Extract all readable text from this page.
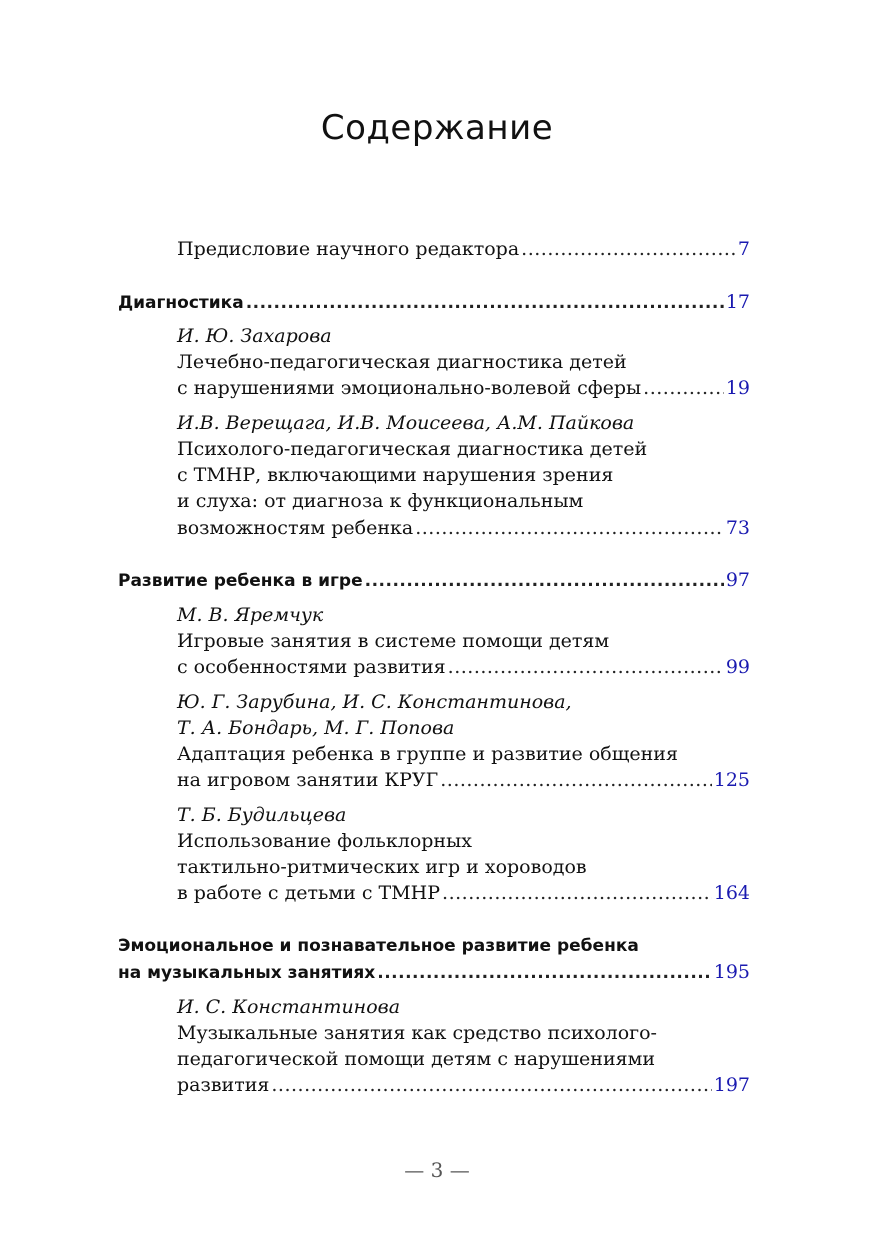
Содержание
Предисловие научного редактора .....	7
Диагностика .....	17
И. Ю. Захарова
Лечебно-педагогическая диагностика детей
с нарушениями эмоционально-волевой сферы .....	19
И.В. Верещага, И.В. Моисеева, А.М. Пайкова
Психолого-педагогическая диагностика детей
с ТМНР, включающими нарушения зрения
и слуха: от диагноза к функциональным
возможностям ребенка .....	73
Развитие ребенка в игре .....	97
М. В. Яремчук
Игровые занятия в системе помощи детям
с особенностями развития .....	99
Ю. Г. Зарубина, И. С. Константинова,
Т. А. Бондарь, М. Г. Попова
Адаптация ребенка в группе и развитие общения
на игровом занятии КРУГ .....	125
Т. Б. Будильцева
Использование фольклорных
тактильно-ритмических игр и хороводов
в работе с детьми с ТМНР .....	164
Эмоциональное и познавательное развитие ребенка
на музыкальных занятиях .....	195
И. С. Константинова
Музыкальные занятия как средство психолого-
педагогической помощи детям с нарушениями
развития .....	197
— 3 —
